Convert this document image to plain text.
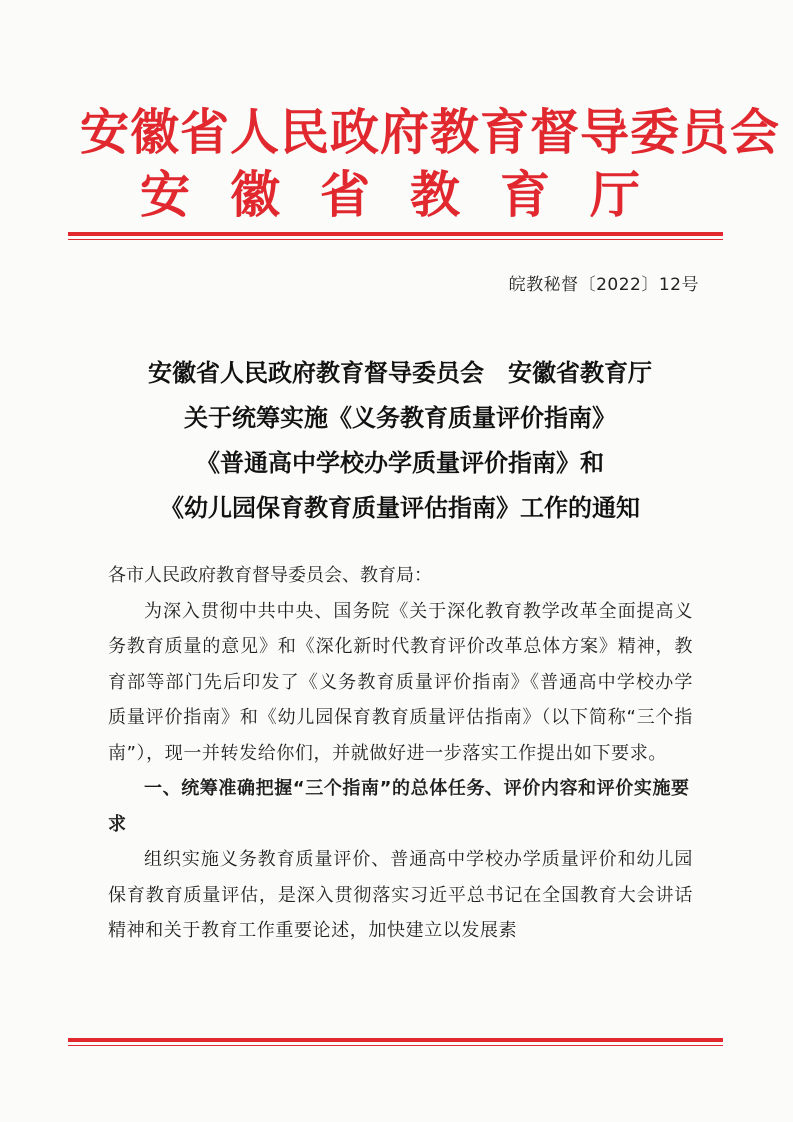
安徽省人民政府教育督导委员会
安徽省教育厅
皖教秘督〔2022〕12号
安徽省人民政府教育督导委员会　安徽省教育厅
关于统筹实施《义务教育质量评价指南》
《普通高中学校办学质量评价指南》和
《幼儿园保育教育质量评估指南》工作的通知
各市人民政府教育督导委员会、教育局：

为深入贯彻中共中央、国务院《关于深化教育教学改革全面提高义务教育质量的意见》和《深化新时代教育评价改革总体方案》精神，教育部等部门先后印发了《义务教育质量评价指南》《普通高中学校办学质量评价指南》和《幼儿园保育教育质量评估指南》（以下简称“三个指南”），现一并转发给你们，并就做好进一步落实工作提出如下要求。

一、统筹准确把握“三个指南”的总体任务、评价内容和评价实施要求

组织实施义务教育质量评价、普通高中学校办学质量评价和幼儿园保育教育质量评估，是深入贯彻落实习近平总书记在全国教育大会讲话精神和关于教育工作重要论述，加快建立以发展素
